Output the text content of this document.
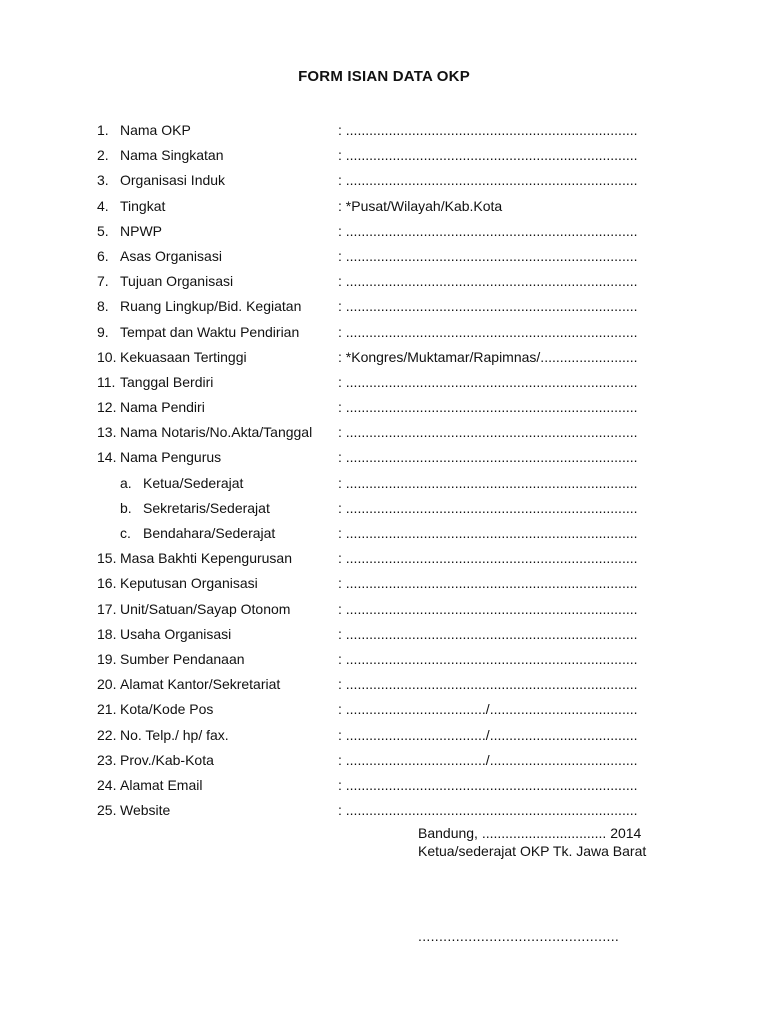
FORM ISIAN DATA OKP
1. Nama OKP	: ...........................................................................
2. Nama Singkatan	: ...........................................................................
3. Organisasi Induk	: ...........................................................................
4. Tingkat	: *Pusat/Wilayah/Kab.Kota
5. NPWP	: ...........................................................................
6. Asas Organisasi	: ...........................................................................
7. Tujuan Organisasi	: ...........................................................................
8. Ruang Lingkup/Bid. Kegiatan	: ...........................................................................
9. Tempat dan Waktu Pendirian	: ...........................................................................
10. Kekuasaan Tertinggi	: *Kongres/Muktamar/Rapimnas/.........................
11. Tanggal Berdiri	: ...........................................................................
12. Nama Pendiri	: ...........................................................................
13. Nama Notaris/No.Akta/Tanggal : ...........................................................................
14. Nama Pengurus	: ...........................................................................
a. Ketua/Sederajat	: ...........................................................................
b. Sekretaris/Sederajat	: ...........................................................................
c. Bendahara/Sederajat	: ...........................................................................
15. Masa Bakhti Kepengurusan	: ...........................................................................
16. Keputusan Organisasi	: ...........................................................................
17. Unit/Satuan/Sayap Otonom	: ...........................................................................
18. Usaha Organisasi	: ...........................................................................
19. Sumber Pendanaan	: ...........................................................................
20. Alamat Kantor/Sekretariat	: ...........................................................................
21. Kota/Kode Pos	: ..................................../......................................
22. No. Telp./ hp/ fax.	: ..................................../......................................
23. Prov./Kab-Kota	: ..................................../......................................
24. Alamat Email	: ...........................................................................
25. Website	: ...........................................................................
Bandung, ................................ 2014
Ketua/sederajat OKP Tk. Jawa Barat
................................................
